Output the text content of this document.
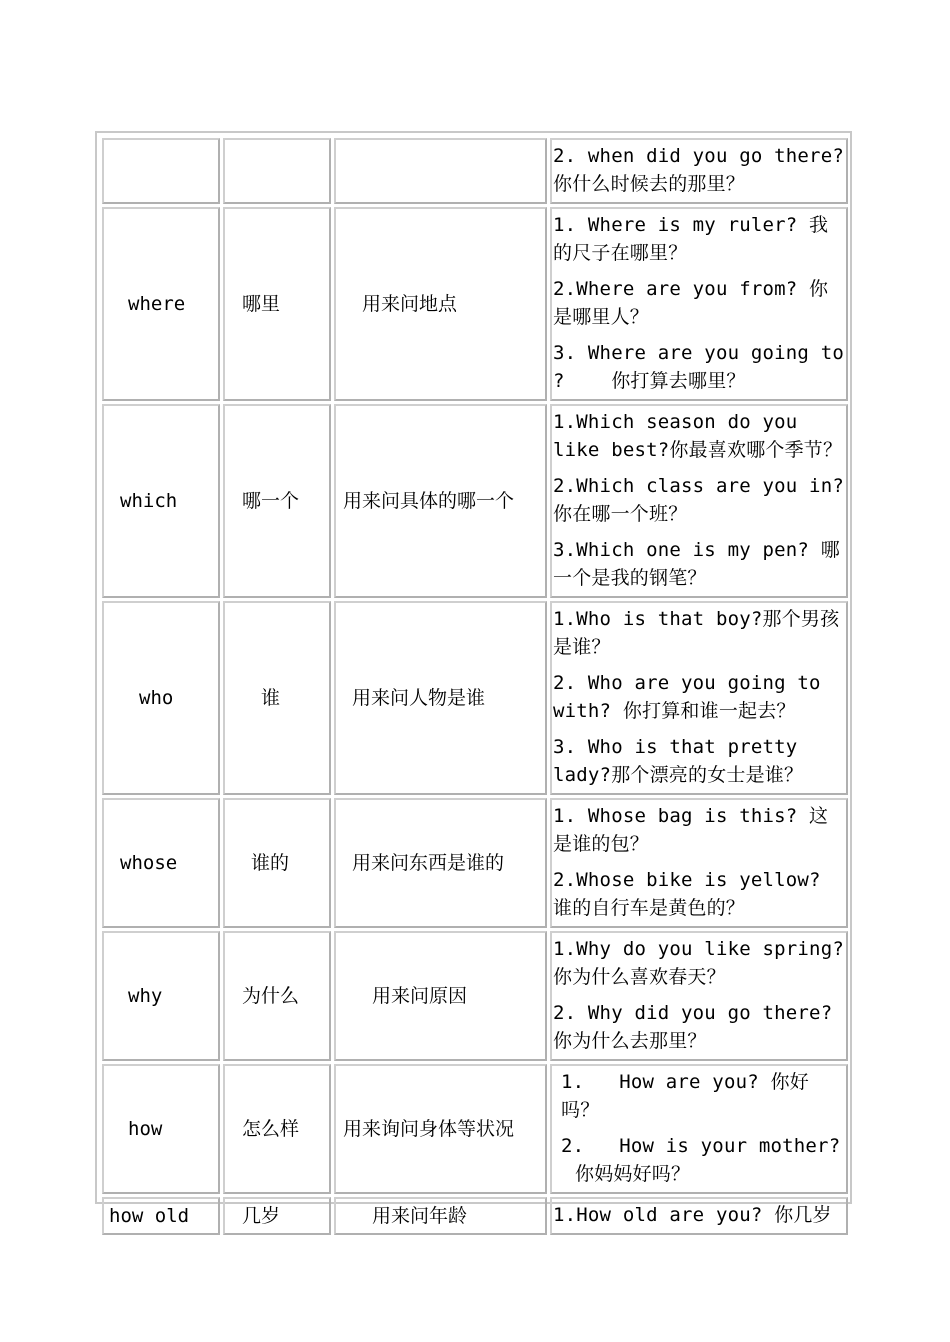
			2. when did you go there? 你什么时候去的那里？

where	哪里	用来问地点	1. Where is my ruler? 我的尺子在哪里？

2.Where are you from? 你是哪里人？

3. Where are you going to ?    你打算去哪里？

which	哪一个	用来问具体的哪一个	1.Which season do you like best?你最喜欢哪个季节？

2.Which class are you in?你在哪一个班？

3.Which one is my pen? 哪一个是我的钢笔？

who	谁	用来问人物是谁	1.Who is that boy?那个男孩是谁？

2. Who are you going to with? 你打算和谁一起去？

3. Who is that pretty lady?那个漂亮的女士是谁？

whose	谁的	用来问东西是谁的	1. Whose bag is this? 这是谁的包？

2.Whose bike is yellow? 谁的自行车是黄色的？

why	为什么	用来问原因	1.Why do you like spring? 你为什么喜欢春天？

2. Why did you go there? 你为什么去那里？

how	怎么样	用来询问身体等状况	1.   How are you? 你好吗？

2.   How is your mother? 你妈妈好吗？

how old	几岁	用来问年龄	1.How old are you? 你几岁
